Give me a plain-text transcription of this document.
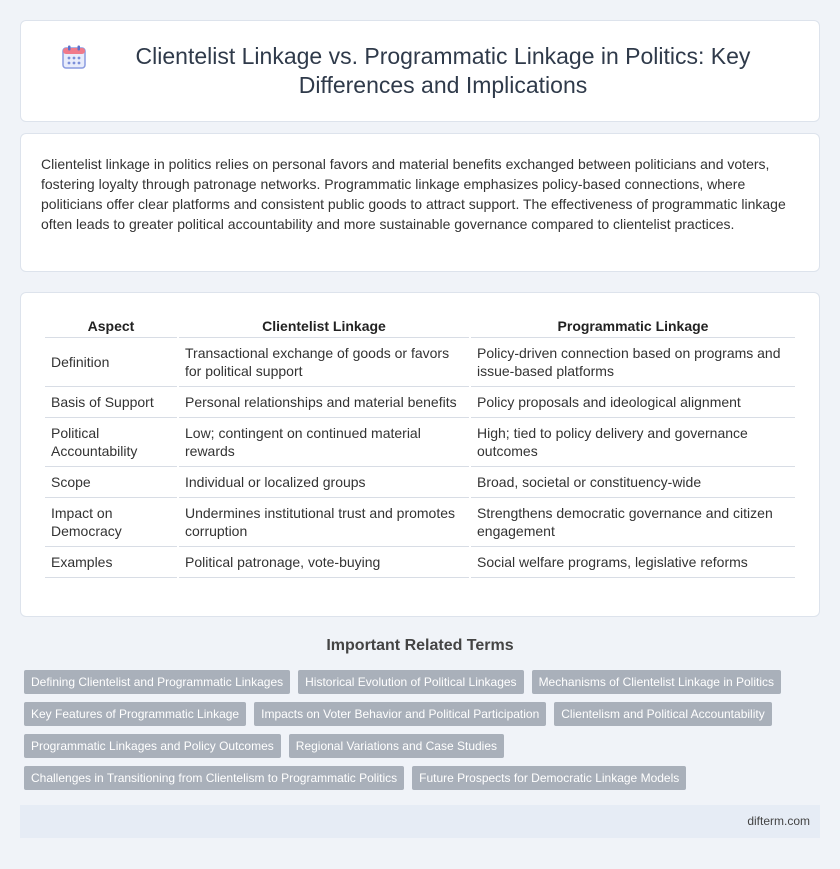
Clientelist Linkage vs. Programmatic Linkage in Politics: Key Differences and Implications

Clientelist linkage in politics relies on personal favors and material benefits exchanged between politicians and voters, fostering loyalty through patronage networks. Programmatic linkage emphasizes policy-based connections, where politicians offer clear platforms and consistent public goods to attract support. The effectiveness of programmatic linkage often leads to greater political accountability and more sustainable governance compared to clientelist practices.

Aspect	Clientelist Linkage	Programmatic Linkage
Definition	Transactional exchange of goods or favors for political support	Policy-driven connection based on programs and issue-based platforms
Basis of Support	Personal relationships and material benefits	Policy proposals and ideological alignment
Political Accountability	Low; contingent on continued material rewards	High; tied to policy delivery and governance outcomes
Scope	Individual or localized groups	Broad, societal or constituency-wide
Impact on Democracy	Undermines institutional trust and promotes corruption	Strengthens democratic governance and citizen engagement
Examples	Political patronage, vote-buying	Social welfare programs, legislative reforms
Important Related Terms
Defining Clientelist and Programmatic Linkages	Historical Evolution of Political Linkages	Mechanisms of Clientelist Linkage in Politics
Key Features of Programmatic Linkage	Impacts on Voter Behavior and Political Participation	Clientelism and Political Accountability
Programmatic Linkages and Policy Outcomes	Regional Variations and Case Studies
Challenges in Transitioning from Clientelism to Programmatic Politics	Future Prospects for Democratic Linkage Models
difterm.com
